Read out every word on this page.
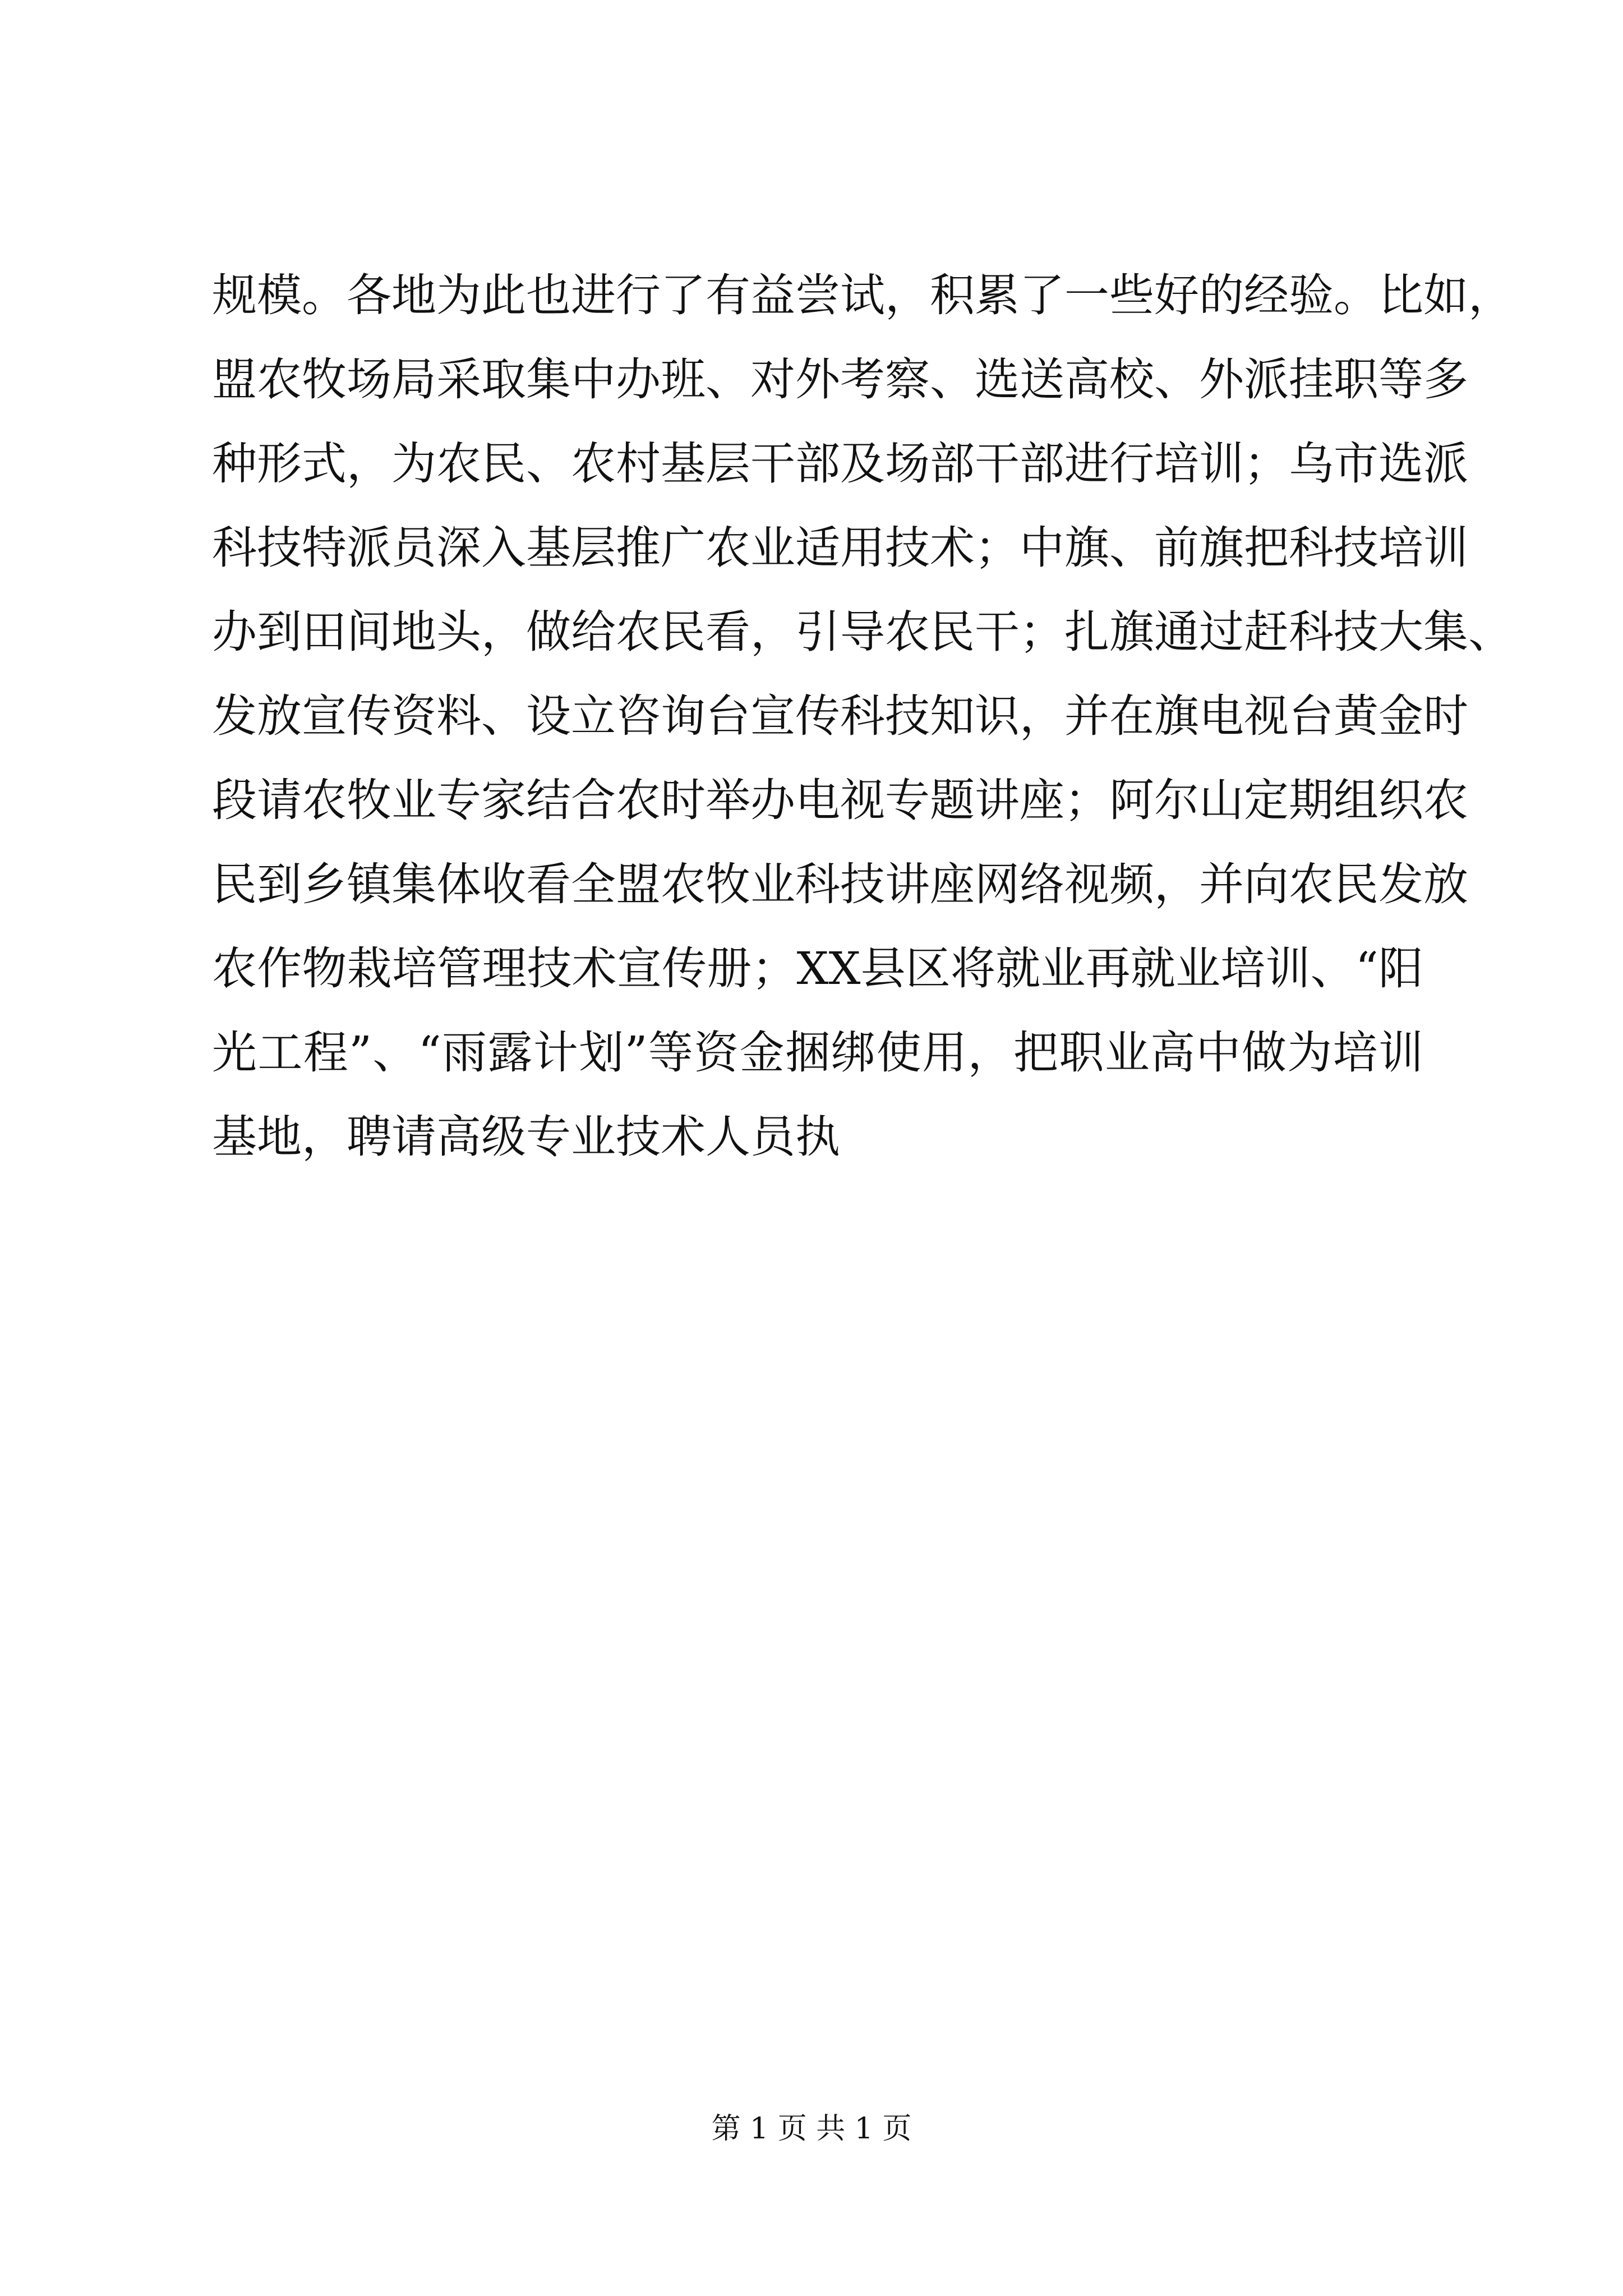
规模。各地为此也进行了有益尝试，积累了一些好的经验。比如，
盟农牧场局采取集中办班、对外考察、选送高校、外派挂职等多
种形式，为农民、农村基层干部及场部干部进行培训；乌市选派
科技特派员深入基层推广农业适用技术；中旗、前旗把科技培训
办到田间地头，做给农民看，引导农民干；扎旗通过赶科技大集、
发放宣传资料、设立咨询台宣传科技知识，并在旗电视台黄金时
段请农牧业专家结合农时举办电视专题讲座；阿尔山定期组织农
民到乡镇集体收看全盟农牧业科技讲座网络视频，并向农民发放
农作物栽培管理技术宣传册；XX县区将就业再就业培训、“阳
光工程”、“雨露计划”等资金捆绑使用，把职业高中做为培训
基地，聘请高级专业技术人员执
第 1 页 共 1 页
